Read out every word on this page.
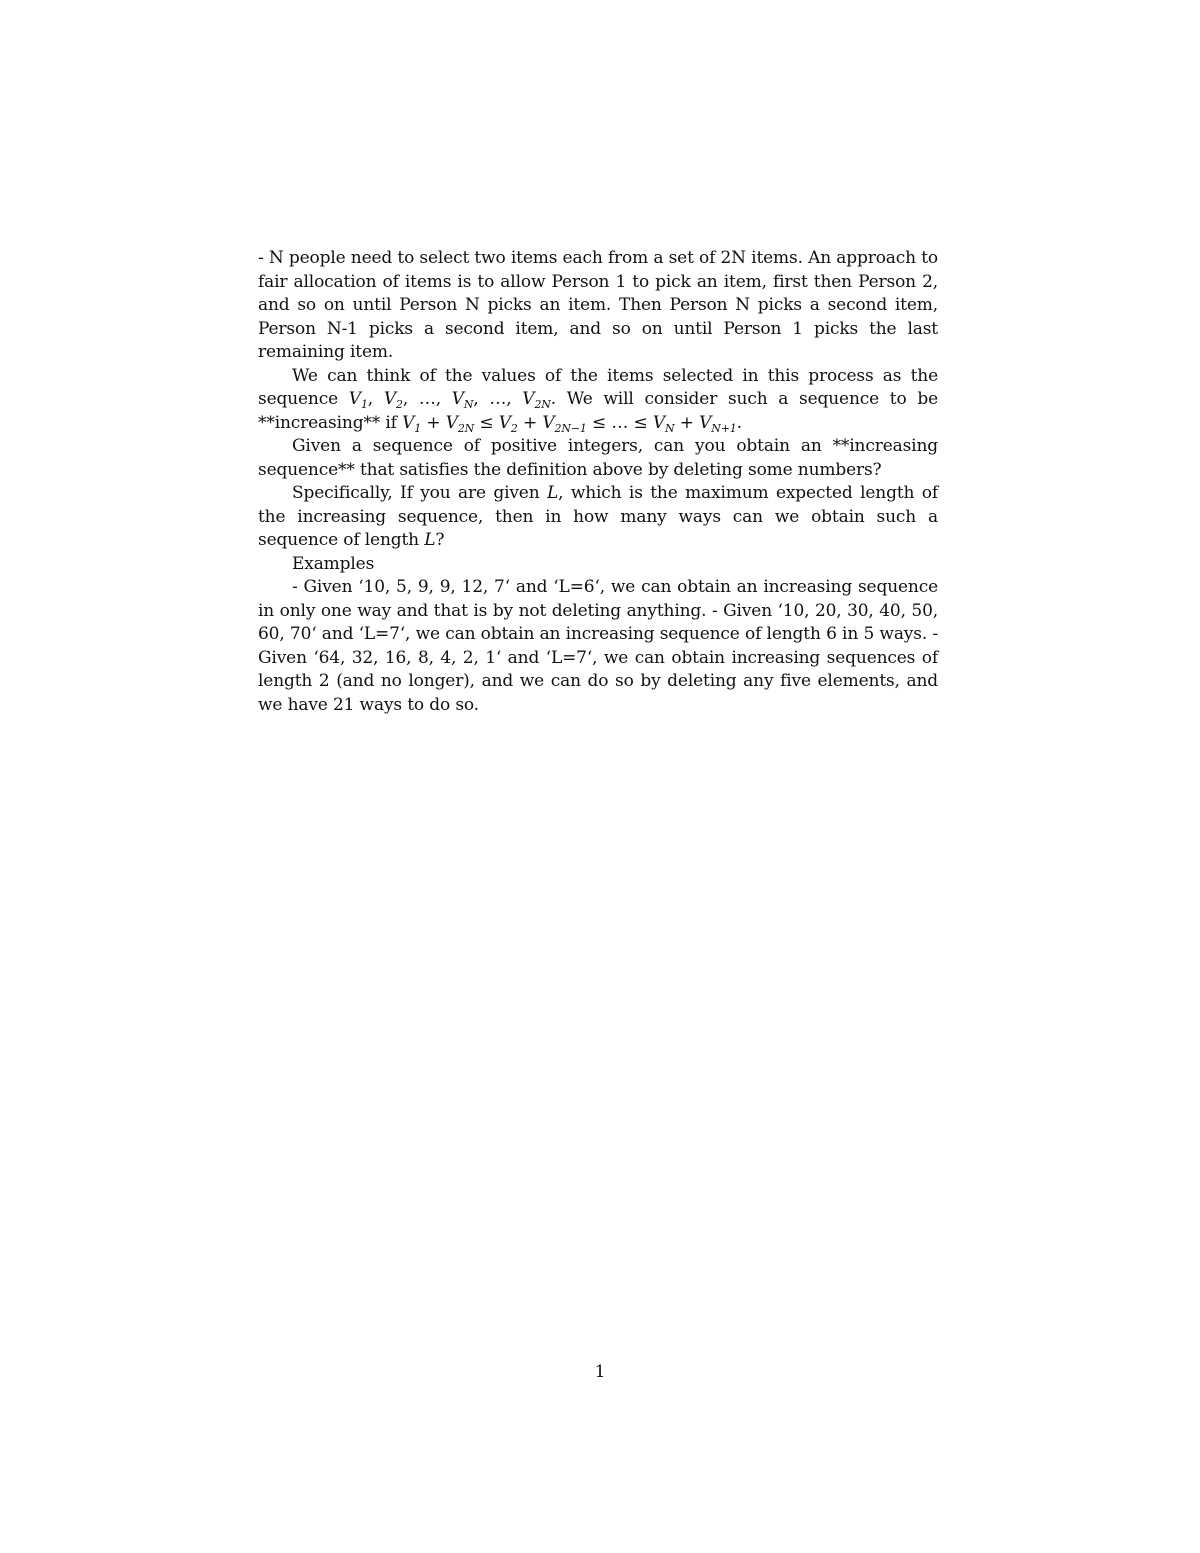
- N people need to select two items each from a set of 2N items. An approach to fair allocation of items is to allow Person 1 to pick an item, first then Person 2, and so on until Person N picks an item. Then Person N picks a second item, Person N-1 picks a second item, and so on until Person 1 picks the last remaining item.

We can think of the values of the items selected in this process as the sequence $V_1$, $V_2$, …, $V_N$, …, $V_{2N}$. We will consider such a sequence to be **increasing** if $V_1 + V_{2N} \le V_2 + V_{2N-1}$ ≤ … ≤ $V_N + V_{N+1}$.

Given a sequence of positive integers, can you obtain an **increasing sequence** that satisfies the definition above by deleting some numbers?

Specifically, If you are given L, which is the maximum expected length of the increasing sequence, then in how many ways can we obtain such a sequence of length L?

Examples

- Given ‘10, 5, 9, 9, 12, 7‘ and ‘L=6‘, we can obtain an increasing sequence in only one way and that is by not deleting anything. - Given ‘10, 20, 30, 40, 50, 60, 70‘ and ‘L=7‘, we can obtain an increasing sequence of length 6 in 5 ways. - Given ‘64, 32, 16, 8, 4, 2, 1‘ and ‘L=7‘, we can obtain increasing sequences of length 2 (and no longer), and we can do so by deleting any five elements, and we have 21 ways to do so.

1
